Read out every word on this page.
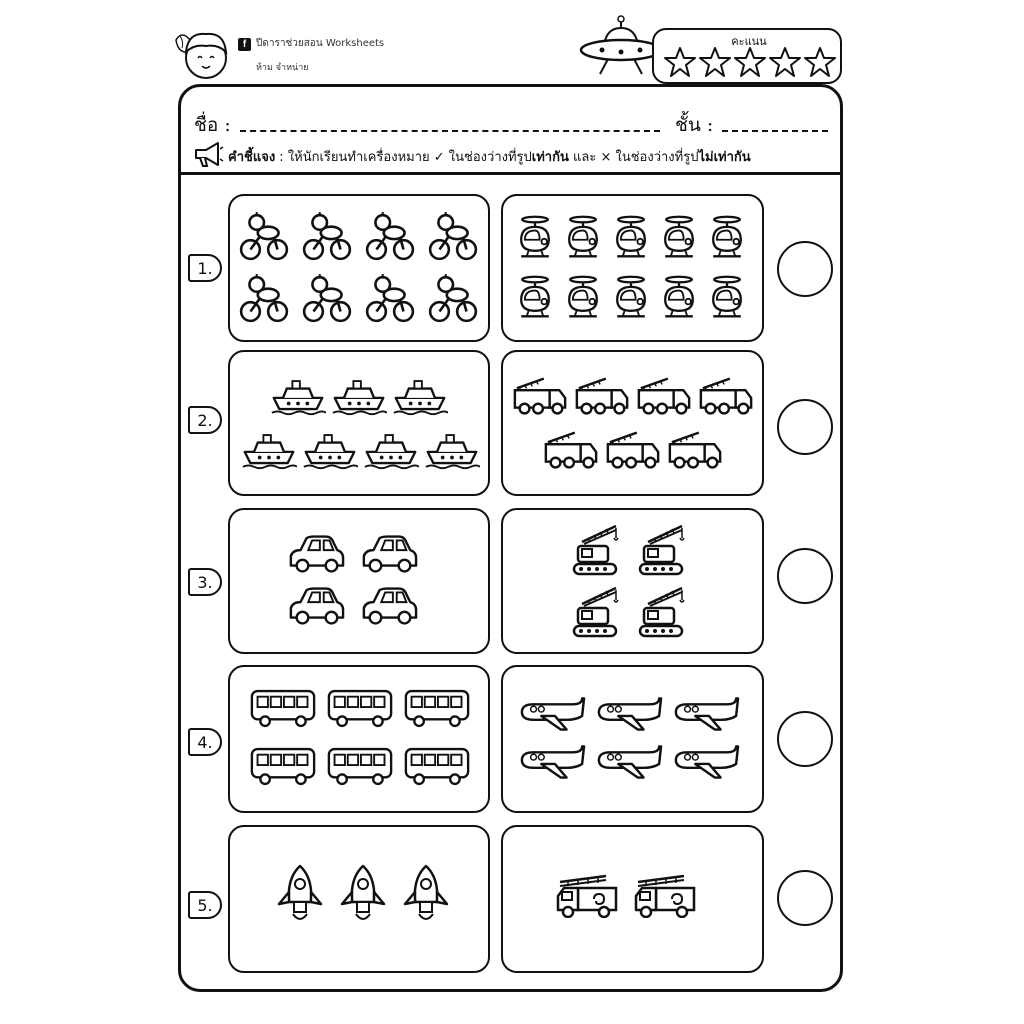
f ปีดาราช่วยสอน Worksheets
ห้าม จำหน่าย
คะแนน
ชื่อ :	ชั้น :
คำชี้แจง : ให้นักเรียนทำเครื่องหมาย ✓ ในช่องว่างที่รูปเท่ากัน และ × ในช่องว่างที่รูปไม่เท่ากัน
1.
2.
3.
4.
5.
